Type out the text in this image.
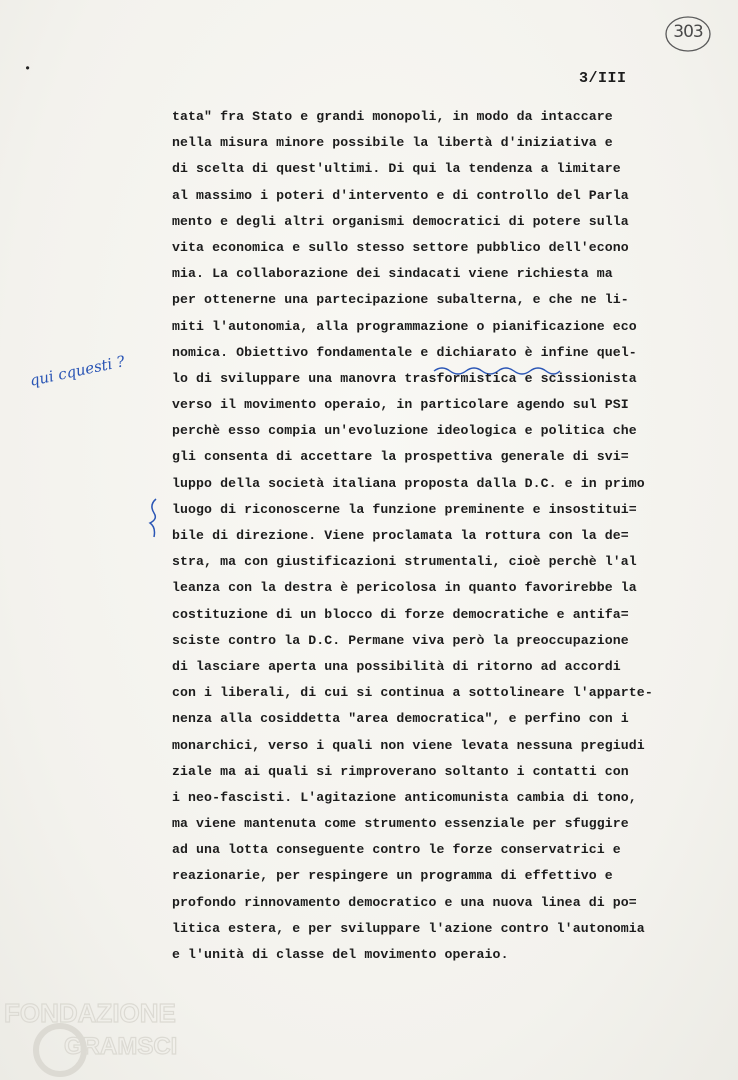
303
•
3/III
qui cquesti ?
tata" fra Stato e grandi monopoli, in modo da intaccare
nella misura minore possibile la libertà d'iniziativa e
di scelta di quest'ultimi. Di qui la tendenza a limitare
al massimo i poteri d'intervento e di controllo del Parla
mento e degli altri organismi democratici di potere sulla
vita economica e sullo stesso settore pubblico dell'econo
mia. La collaborazione dei sindacati viene richiesta ma
per ottenerne una partecipazione subalterna, e che ne li-
miti l'autonomia, alla programmazione o pianificazione eco
nomica. Obiettivo fondamentale e dichiarato è infine quel-
lo di sviluppare una manovra trasformistica e scissionista
verso il movimento operaio, in particolare agendo sul PSI
perchè esso compia un'evoluzione ideologica e politica che
gli consenta di accettare la prospettiva generale di svi=
luppo della società italiana proposta dalla D.C. e in primo
luogo di riconoscerne la funzione preminente e insostitui=
bile di direzione. Viene proclamata la rottura con la de=
stra, ma con giustificazioni strumentali, cioè perchè l'al
leanza con la destra è pericolosa in quanto favorirebbe la
costituzione di un blocco di forze democratiche e antifa=
sciste contro la D.C. Permane viva però la preoccupazione
di lasciare aperta una possibilità di ritorno ad accordi
con i liberali, di cui si continua a sottolineare l'apparte-
nenza alla cosiddetta "area democratica", e perfino con i
monarchici, verso i quali non viene levata nessuna pregiudi
ziale ma ai quali si rimproverano soltanto i contatti con
i neo-fascisti. L'agitazione anticomunista cambia di tono,
ma viene mantenuta come strumento essenziale per sfuggire
ad una lotta conseguente contro le forze conservatrici e
reazionarie, per respingere un programma di effettivo e
profondo rinnovamento democratico e una nuova linea di po=
litica estera, e per sviluppare l'azione contro l'autonomia
e l'unità di classe del movimento operaio.
FONDAZIONE
GRAMSCI
